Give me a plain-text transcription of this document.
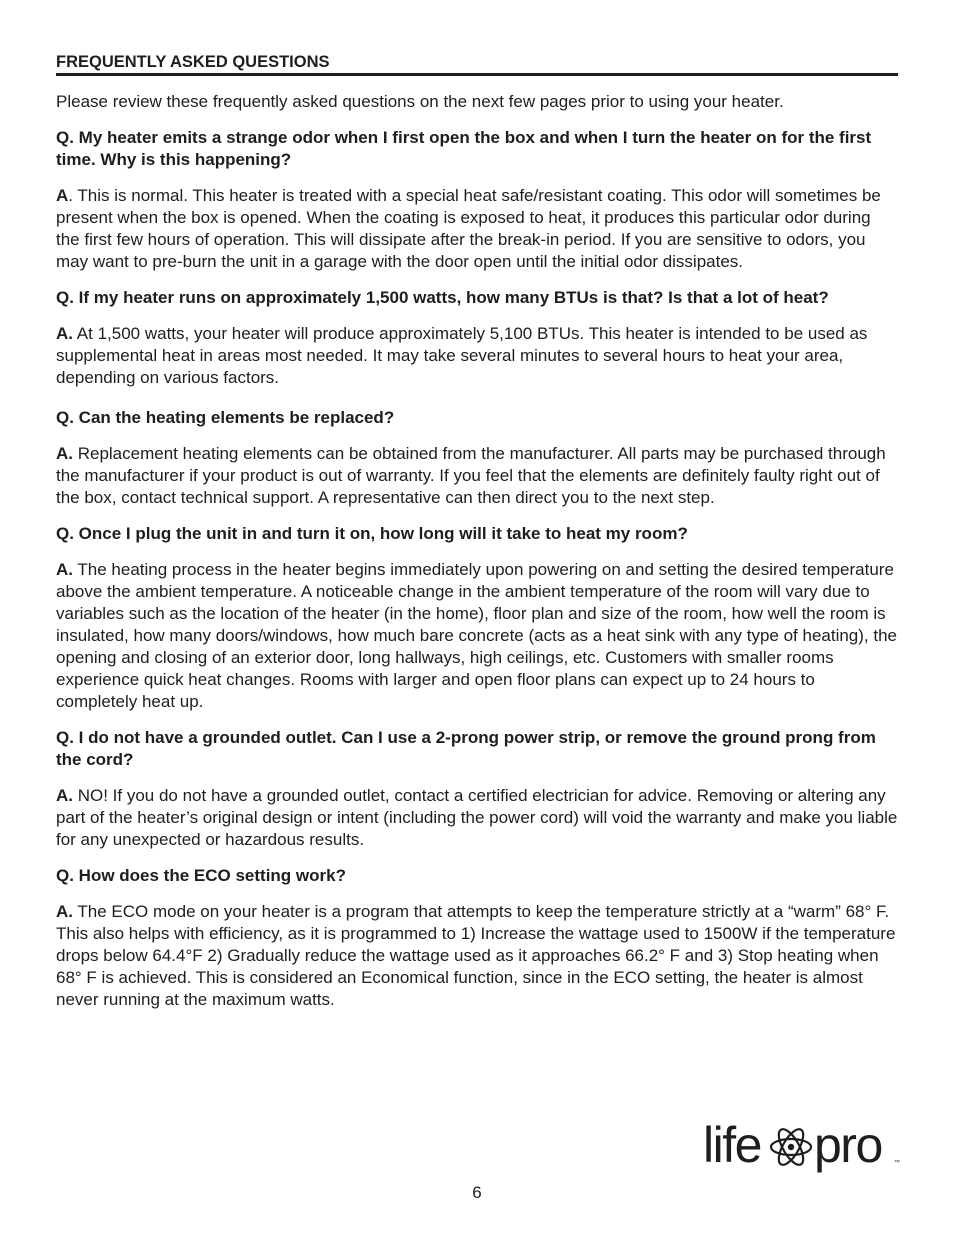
FREQUENTLY ASKED QUESTIONS

Please review these frequently asked questions on the next few pages prior to using your heater.

Q. My heater emits a strange odor when I first open the box and when I turn the heater on for the first time. Why is this happening?

A. This is normal. This heater is treated with a special heat safe/resistant coating. This odor will sometimes be present when the box is opened. When the coating is exposed to heat, it produces this particular odor during the first few hours of operation. This will dissipate after the break-in period. If you are sensitive to odors, you may want to pre-burn the unit in a garage with the door open until the initial odor dissipates.

Q. If my heater runs on approximately 1,500 watts, how many BTUs is that? Is that a lot of heat?

A. At 1,500 watts, your heater will produce approximately 5,100 BTUs. This heater is intended to be used as supplemental heat in areas most needed. It may take several minutes to several hours to heat your area, depending on various factors.

Q. Can the heating elements be replaced?

A. Replacement heating elements can be obtained from the manufacturer. All parts may be purchased through the manufacturer if your product is out of warranty. If you feel that the elements are definitely faulty right out of the box, contact technical support. A representative can then direct you to the next step.

Q. Once I plug the unit in and turn it on, how long will it take to heat my room?

A. The heating process in the heater begins immediately upon powering on and setting the desired temperature above the ambient temperature. A noticeable change in the ambient temperature of the room will vary due to variables such as the location of the heater (in the home), floor plan and size of the room, how well the room is insulated, how many doors/windows, how much bare concrete (acts as a heat sink with any type of heating), the opening and closing of an exterior door, long hallways, high ceilings, etc. Customers with smaller rooms experience quick heat changes. Rooms with larger and open floor plans can expect up to 24 hours to completely heat up.

Q. I do not have a grounded outlet. Can I use a 2-prong power strip, or remove the ground prong from the cord?

A. NO! If you do not have a grounded outlet, contact a certified electrician for advice. Removing or altering any part of the heater’s original design or intent (including the power cord) will void the warranty and make you liable for any unexpected or hazardous results.

Q. How does the ECO setting work?

A. The ECO mode on your heater is a program that attempts to keep the temperature strictly at a “warm” 68° F. This also helps with efficiency, as it is programmed to 1) Increase the wattage used to 1500W if the temperature drops below 64.4°F 2) Gradually reduce the wattage used as it approaches 66.2° F and 3) Stop heating when 68° F is achieved. This is considered an Economical function, since in the ECO setting, the heater is almost never running at the maximum watts.

life pro ™
6
